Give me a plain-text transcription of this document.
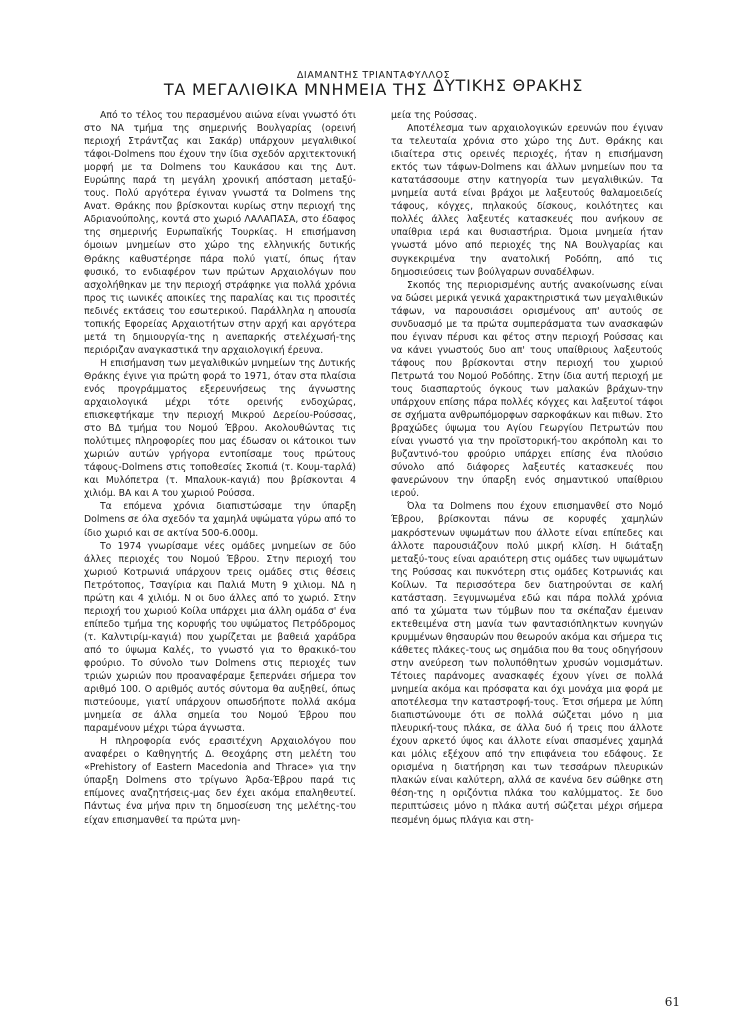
ΔΙΑΜΑΝΤΗΣ ΤΡΙΑΝΤΑΦΥΛΛΟΣ
ΤΑ ΜΕΓΑΛΙΘΙΚΑ ΜΝΗΜΕΙΑ ΤΗΣ ΔΥΤΙΚΗΣ ΘΡΑΚΗΣ

Από το τέλος του περασμένου αιώνα είναι γνωστό ότι στο ΝΑ τμήμα της σημερινής Βουλγαρίας (ορεινή περιοχή Στράντζας και Σακάρ) υπάρχουν μεγαλιθικοί τάφοι-Dolmens που έχουν την ίδια σχεδόν αρχιτεκτονική μορφή με τα Dolmens του Καυκάσου και της Δυτ. Ευρώπης παρά τη μεγάλη χρονική απόσταση μεταξύ-τους. Πολύ αργότερα έγιναν γνωστά τα Dolmens της Ανατ. Θράκης που βρίσκονται κυρίως στην περιοχή της Αδριανούπολης, κοντά στο χωριό ΛΑΛΑΠΑΣΑ, στο έδαφος της σημερινής Ευρωπαϊκής Τουρκίας. Η επισήμανση όμοιων μνημείων στο χώρο της ελληνικής δυτικής Θράκης καθυστέρησε πάρα πολύ γιατί, όπως ήταν φυσικό, το ενδιαφέρον των πρώτων Αρχαιολόγων που ασχολήθηκαν με την περιοχή στράφηκε για πολλά χρόνια προς τις ιωνικές αποικίες της παραλίας και τις προσιτές πεδινές εκτάσεις του εσωτερικού. Παράλληλα η απουσία τοπικής Εφορείας Αρχαιοτήτων στην αρχή και αργότερα μετά τη δημιουργία-της η ανεπαρκής στελέχωσή-της περιόριζαν αναγκαστικά την αρχαιολογική έρευνα.

Η επισήμανση των μεγαλιθικών μνημείων της Δυτικής Θράκης έγινε για πρώτη φορά το 1971, όταν στα πλαίσια ενός προγράμματος εξερευνήσεως της άγνωστης αρχαιολογικά μέχρι τότε ορεινής ενδοχώρας, επισκεφτήκαμε την περιοχή Μικρού Δερείου-Ρούσσας, στο ΒΔ τμήμα του Νομού Έβρου. Ακολουθώντας τις πολύτιμες πληροφορίες που μας έδωσαν οι κάτοικοι των χωριών αυτών γρήγορα εντοπίσαμε τους πρώτους τάφους-Dolmens στις τοποθεσίες Σκοπιά (τ. Κουμ-ταρλά) και Μυλόπετρα (τ. Μπαλουκ-καγιά) που βρίσκονται 4 χιλιόμ. ΒΑ και Α του χωριού Ρούσσα.

Τα επόμενα χρόνια διαπιστώσαμε την ύπαρξη Dolmens σε όλα σχεδόν τα χαμηλά υψώματα γύρω από το ίδιο χωριό και σε ακτίνα 500-6.000μ.

Το 1974 γνωρίσαμε νέες ομάδες μνημείων σε δύο άλλες περιοχές του Νομού Έβρου. Στην περιοχή του χωριού Κοτρωνιά υπάρχουν τρεις ομάδες στις θέσεις Πετρότοπος, Τσαγίρια και Παλιά Μυτη 9 χιλιομ. ΝΔ η πρώτη και 4 χιλιόμ. Ν οι δυο άλλες από το χωριό. Στην περιοχή του χωριού Κοίλα υπάρχει μια άλλη ομάδα σ' ένα επίπεδο τμήμα της κορυφής του υψώματος Πετρόδρομος (τ. Καλντιρίμ-καγιά) που χωρίζεται με βαθειά χαράδρα από το ύψωμα Καλές, το γνωστό για το θρακικό-του φρούριο. Το σύνολο των Dolmens στις περιοχές των τριών χωριών που προαναφέραμε ξεπερνάει σήμερα τον αριθμό 100. Ο αριθμός αυτός σύντομα θα αυξηθεί, όπως πιστεύουμε, γιατί υπάρχουν οπωσδήποτε πολλά ακόμα μνημεία σε άλλα σημεία του Νομού Έβρου που παραμένουν μέχρι τώρα άγνωστα.

Η πληροφορία ενός ερασιτέχνη Αρχαιολόγου που αναφέρει ο Καθηγητής Δ. Θεοχάρης στη μελέτη του «Prehistory of Eastern Macedonia and Thrace» για την ύπαρξη Dolmens στο τρίγωνο Άρδα-Έβρου παρά τις επίμονες αναζητήσεις-μας δεν έχει ακόμα επαληθευτεί. Πάντως ένα μήνα πριν τη δημοσίευση της μελέτης-του είχαν επισημανθεί τα πρώτα μνη-

μεία της Ρούσσας.

Αποτέλεσμα των αρχαιολογικών ερευνών που έγιναν τα τελευταία χρόνια στο χώρο της Δυτ. Θράκης και ιδιαίτερα στις ορεινές περιοχές, ήταν η επισήμανση εκτός των τάφων-Dolmens και άλλων μνημείων που τα κατατάσσουμε στην κατηγορία των μεγαλιθικών. Τα μνημεία αυτά είναι βράχοι με λαξευτούς θαλαμοειδείς τάφους, κόγχες, πηλακούς δίσκους, κοιλότητες και πολλές άλλες λαξευτές κατασκευές που ανήκουν σε υπαίθρια ιερά και θυσιαστήρια. Όμοια μνημεία ήταν γνωστά μόνο από περιοχές της ΝΑ Βουλγαρίας και συγκεκριμένα την ανατολική Ροδόπη, από τις δημοσιεύσεις των βούλγαρων συναδέλφων.

Σκοπός της περιορισμένης αυτής ανακοίνωσης είναι να δώσει μερικά γενικά χαρακτηριστικά των μεγαλιθικών τάφων, να παρουσιάσει ορισμένους απ' αυτούς σε συνδυασμό με τα πρώτα συμπεράσματα των ανασκαφών που έγιναν πέρυσι και φέτος στην περιοχή Ρούσσας και να κάνει γνωστούς δυο απ' τους υπαίθριους λαξευτούς τάφους που βρίσκονται στην περιοχή του χωριού Πετρωτά του Νομού Ροδόπης. Στην ίδια αυτή περιοχή με τους διασπαρτούς όγκους των μαλακών βράχων-την υπάρχουν επίσης πάρα πολλές κόγχες και λαξευτοί τάφοι σε σχήματα ανθρωπόμορφων σαρκοφάκων και πιθων. Στο βραχώδες ύψωμα του Αγίου Γεωργίου Πετρωτών που είναι γνωστό για την προϊστορική-του ακρόπολη και το βυζαντινό-του φρούριο υπάρχει επίσης ένα πλούσιο σύνολο από διάφορες λαξευτές κατασκευές που φανερώνουν την ύπαρξη ενός σημαντικού υπαίθριου ιερού.

Όλα τα Dolmens που έχουν επισημανθεί στο Νομό Έβρου, βρίσκονται πάνω σε κορυφές χαμηλών μακρόστενων υψωμάτων που άλλοτε είναι επίπεδες και άλλοτε παρουσιάζουν πολύ μικρή κλίση. Η διάταξη μεταξύ-τους είναι αραιότερη στις ομάδες των υψωμάτων της Ρούσσας και πυκνότερη στις ομάδες Κοτρωνιάς και Κοίλων. Τα περισσότερα δεν διατηρούνται σε καλή κατάσταση. Ξεγυμνωμένα εδώ και πάρα πολλά χρόνια από τα χώματα των τύμβων που τα σκέπαζαν έμειναν εκτεθειμένα στη μανία των φαντασιόπληκτων κυνηγών κρυμμένων θησαυρών που θεωρούν ακόμα και σήμερα τις κάθετες πλάκες-τους ως σημάδια που θα τους οδηγήσουν στην ανεύρεση των πολυπόθητων χρυσών νομισμάτων. Τέτοιες παράνομες ανασκαφές έχουν γίνει σε πολλά μνημεία ακόμα και πρόσφατα και όχι μονάχα μια φορά με αποτέλεσμα την καταστροφή-τους. Έτσι σήμερα με λύπη διαπιστώνουμε ότι σε πολλά σώζεται μόνο η μια πλευρική-τους πλάκα, σε άλλα δυό ή τρεις που άλλοτε έχουν αρκετό ύψος και άλλοτε είναι σπασμένες χαμηλά και μόλις εξέχουν από την επιφάνεια του εδάφους. Σε ορισμένα η διατήρηση και των τεσσάρων πλευρικών πλακών είναι καλύτερη, αλλά σε κανένα δεν σώθηκε στη θέση-της η οριζόντια πλάκα του καλύμματος. Σε δυο περιπτώσεις μόνο η πλάκα αυτή σώζεται μέχρι σήμερα πεσμένη όμως πλάγια και στη-

61
